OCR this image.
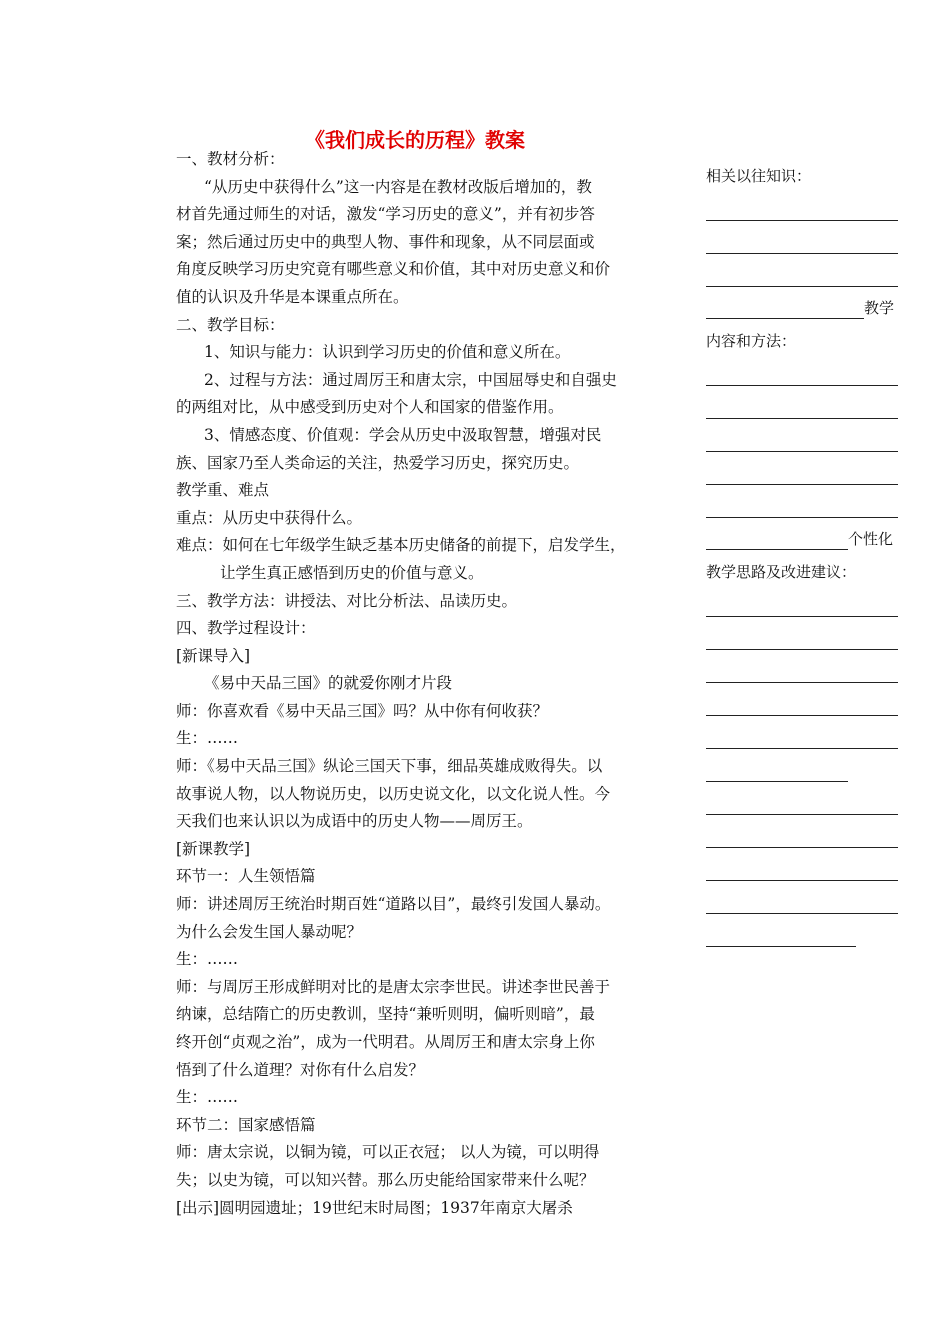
《我们成长的历程》教案
一、教材分析：
“从历史中获得什么”这一内容是在教材改版后增加的，教
材首先通过师生的对话，激发“学习历史的意义”，并有初步答
案；然后通过历史中的典型人物、事件和现象，从不同层面或
角度反映学习历史究竟有哪些意义和价值，其中对历史意义和价
值的认识及升华是本课重点所在。
二、教学目标：
1、知识与能力：认识到学习历史的价值和意义所在。
2、过程与方法：通过周厉王和唐太宗，中国屈辱史和自强史
的两组对比，从中感受到历史对个人和国家的借鉴作用。
3、情感态度、价值观：学会从历史中汲取智慧，增强对民
族、国家乃至人类命运的关注，热爱学习历史，探究历史。
教学重、难点
重点：从历史中获得什么。
难点：如何在七年级学生缺乏基本历史储备的前提下，启发学生，
让学生真正感悟到历史的价值与意义。
三、教学方法：讲授法、对比分析法、品读历史。
四、教学过程设计：
[新课导入]
《易中天品三国》的就爱你刚才片段
师：你喜欢看《易中天品三国》吗？从中你有何收获？
生：……
师：《易中天品三国》纵论三国天下事，细品英雄成败得失。以
故事说人物，以人物说历史，以历史说文化，以文化说人性。今
天我们也来认识以为成语中的历史人物——周厉王。
[新课教学]
环节一：人生领悟篇
师：讲述周厉王统治时期百姓“道路以目”，最终引发国人暴动。
为什么会发生国人暴动呢？
生：……
师：与周厉王形成鲜明对比的是唐太宗李世民。讲述李世民善于
纳谏，总结隋亡的历史教训，坚持“兼听则明，偏听则暗”，最
终开创“贞观之治”，成为一代明君。从周厉王和唐太宗身上你
悟到了什么道理？对你有什么启发？
生：……
环节二：国家感悟篇
师：唐太宗说，以铜为镜，可以正衣冠； 以人为镜，可以明得
失；以史为镜，可以知兴替。那么历史能给国家带来什么呢？
[出示]圆明园遗址；19世纪末时局图；1937年南京大屠杀
相关以往知识：
教学
内容和方法：
个性化
教学思路及改进建议：
